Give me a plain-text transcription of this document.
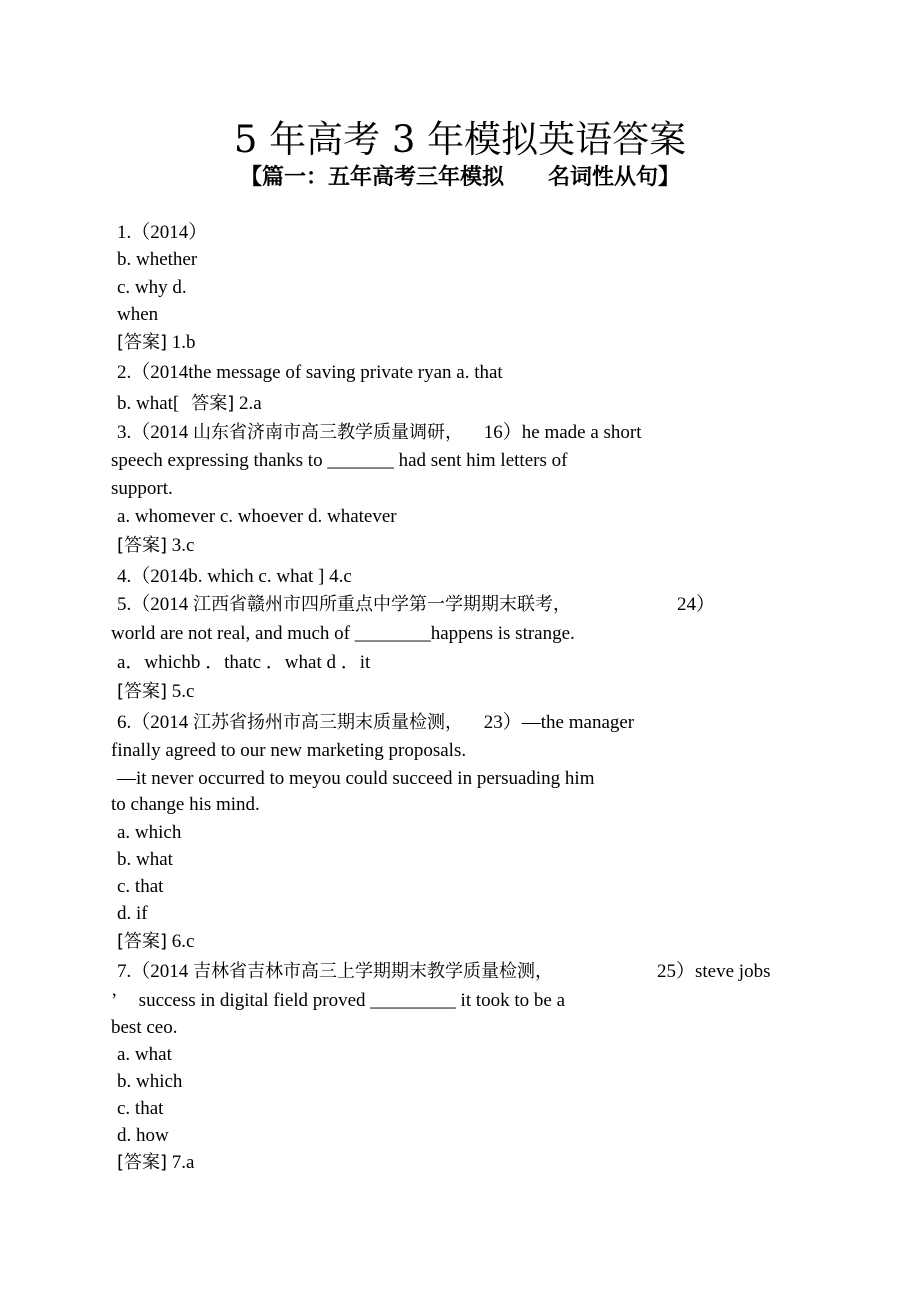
5 年高考 3 年模拟英语答案
【篇一：五年高考三年模拟　　名词性从句】
1.（2014）
b. whether
c. why d.
when
[答案] 1.b
2.（2014the message of saving private ryan a. that
b. what[ 答案] 2.a
3.（2014 山东省济南市高三教学质量调研， 16）he made a short
speech expressing thanks to _______ had sent him letters of
support.
a. whomever c. whoever d. whatever
[答案] 3.c
4.（2014b. which c. what ] 4.c
5.（2014 江西省赣州市四所重点中学第一学期期末联考，	24）
world are not real, and much of ________happens is strange.
a．whichb ．thatc ．what d ．it
[答案] 5.c
6.（2014 江苏省扬州市高三期末质量检测， 23）—the manager
finally agreed to our new marketing proposals.
—it never occurred to meyou could succeed in persuading him
to change his mind.
a. which
b. what
c. that
d. if
[答案] 6.c
7.（2014 吉林省吉林市高三上学期期末教学质量检测，	25）steve jobs
’ success in digital field proved _________ it took to be a
best ceo.
a. what
b. which
c. that
d. how
[答案] 7.a
